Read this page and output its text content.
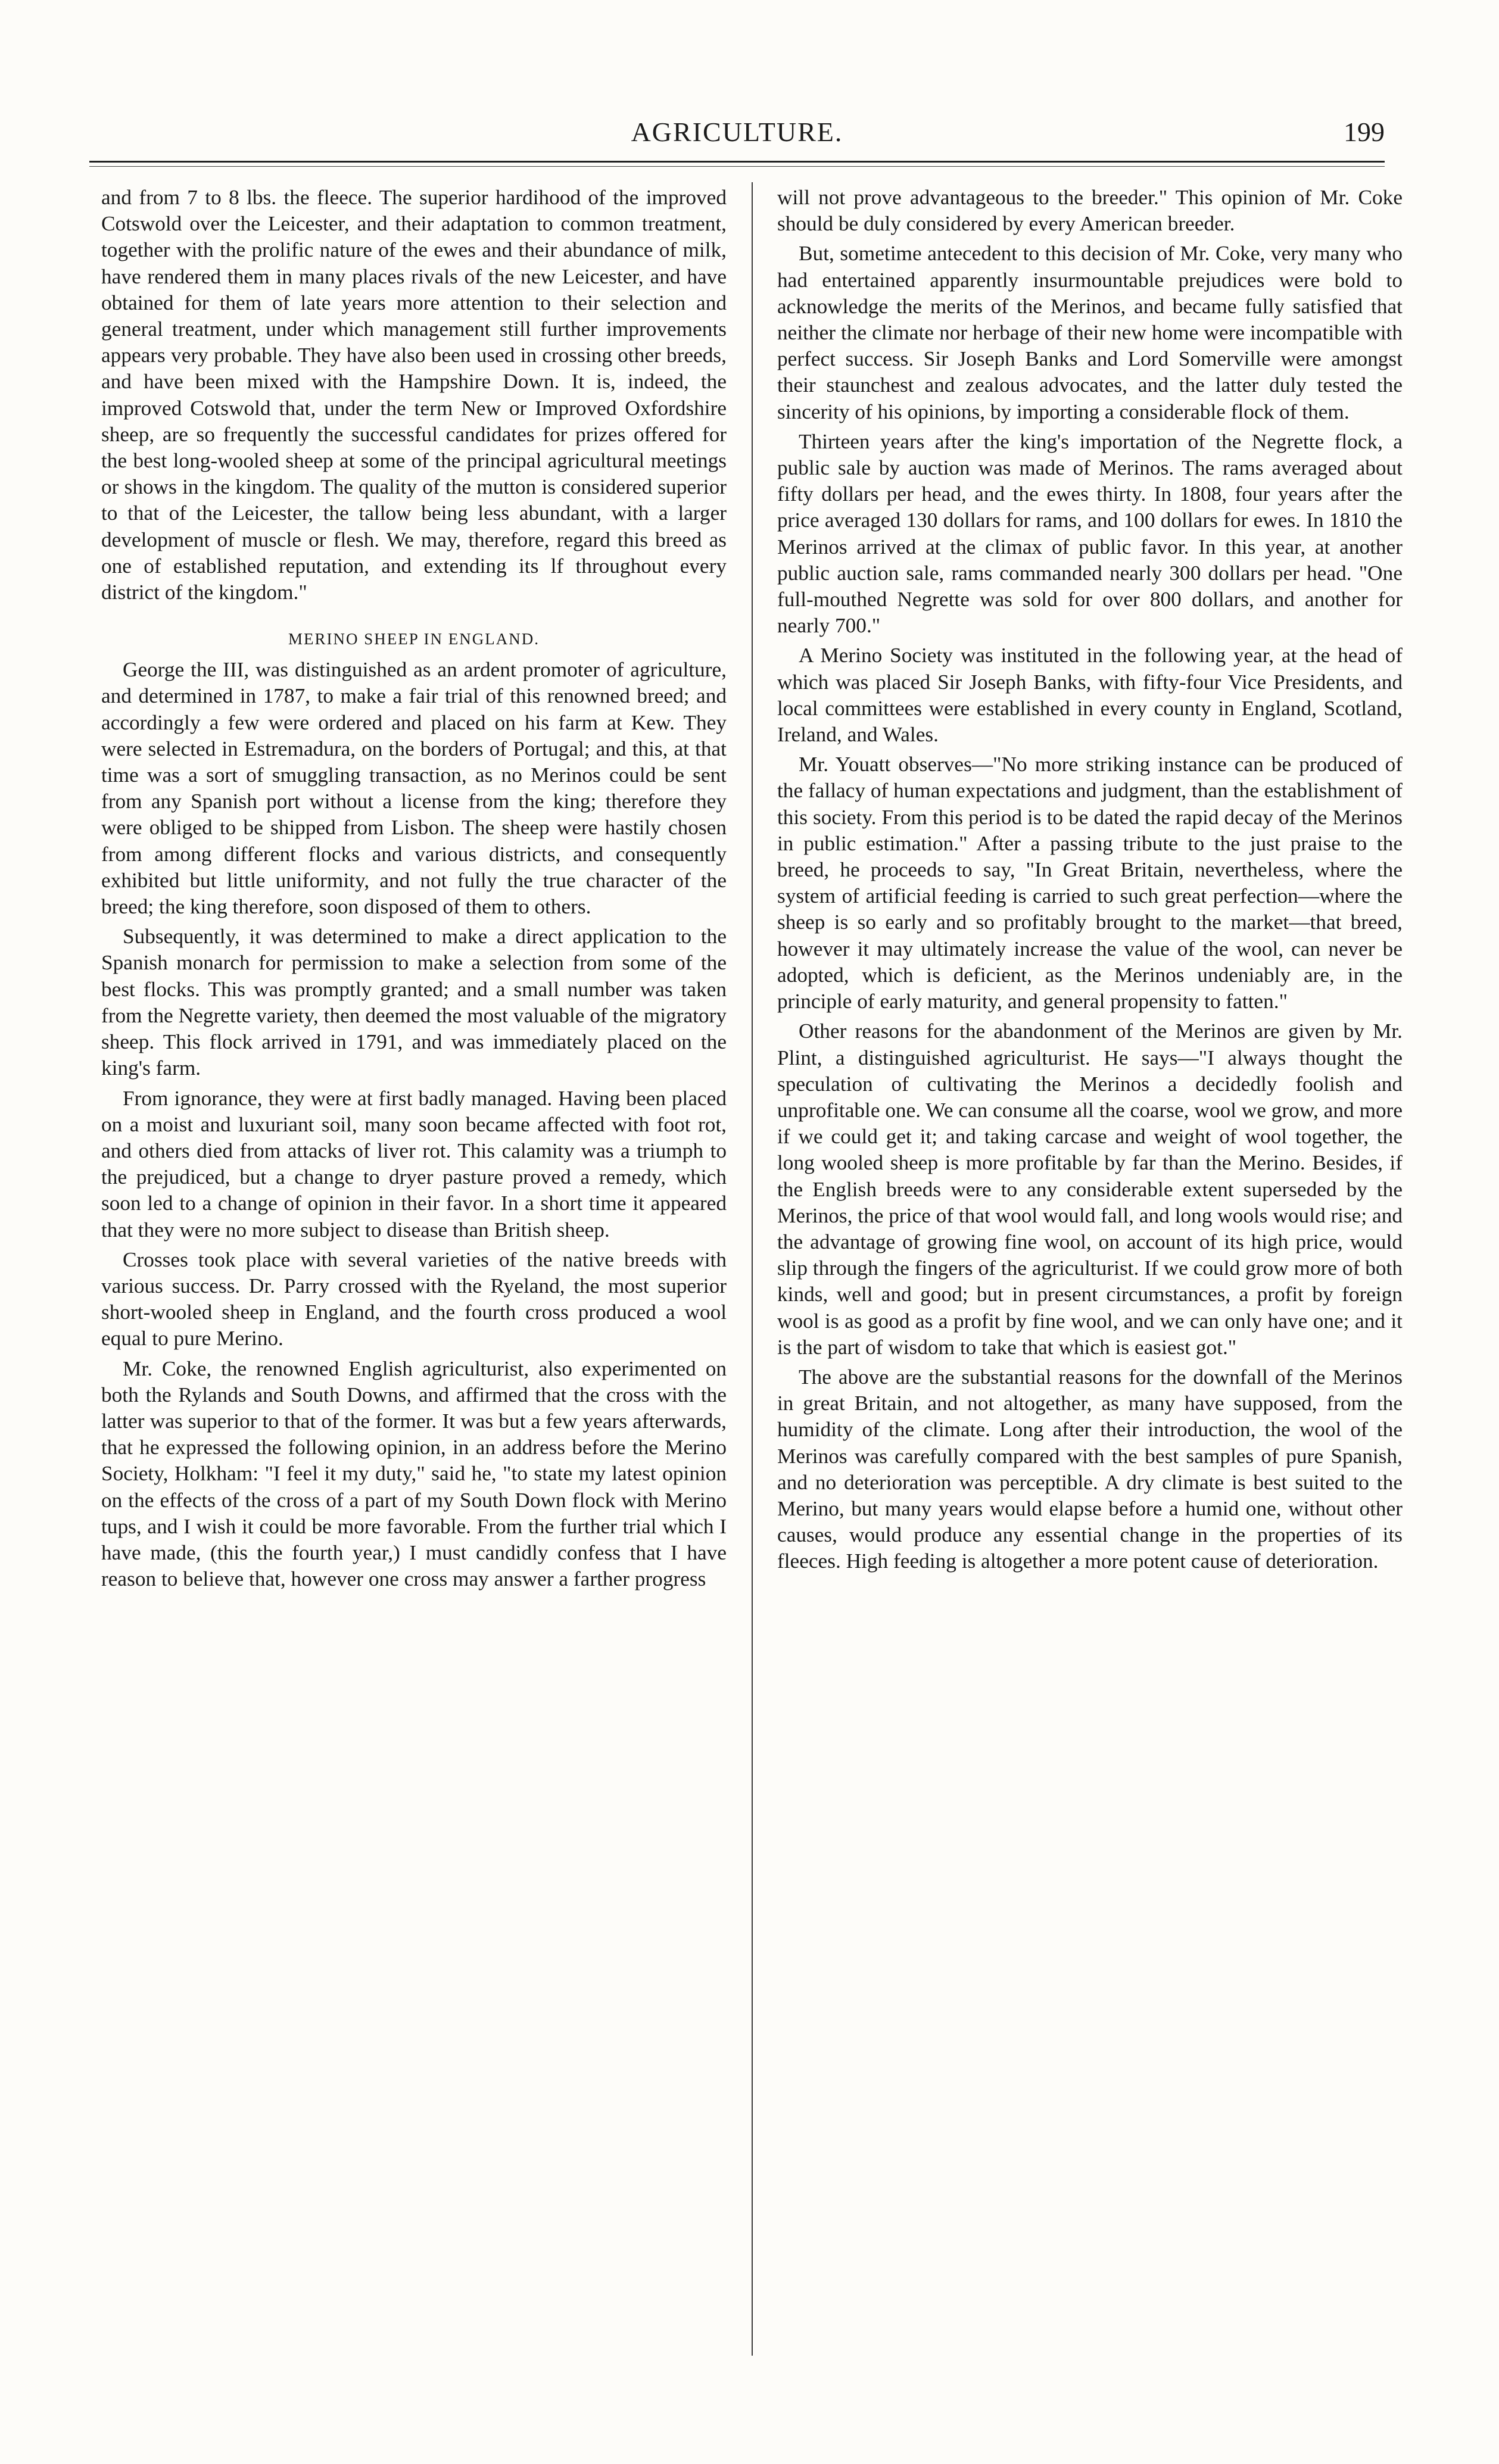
AGRICULTURE.	199

and from 7 to 8 lbs. the fleece. The superior hardihood of the improved Cotswold over the Leicester, and their adaptation to common treatment, together with the prolific nature of the ewes and their abundance of milk, have rendered them in many places rivals of the new Leicester, and have obtained for them of late years more attention to their selection and general treatment, under which management still further improvements appears very probable. They have also been used in crossing other breeds, and have been mixed with the Hampshire Down. It is, indeed, the improved Cotswold that, under the term New or Improved Oxfordshire sheep, are so frequently the successful candidates for prizes offered for the best long-wooled sheep at some of the principal agricultural meetings or shows in the kingdom. The quality of the mutton is considered superior to that of the Leicester, the tallow being less abundant, with a larger development of muscle or flesh. We may, therefore, regard this breed as one of established reputation, and extending its lf throughout every district of the kingdom."

MERINO SHEEP IN ENGLAND.

George the III, was distinguished as an ardent promoter of agriculture, and determined in 1787, to make a fair trial of this renowned breed; and accordingly a few were ordered and placed on his farm at Kew. They were selected in Estremadura, on the borders of Portugal; and this, at that time was a sort of smuggling transaction, as no Merinos could be sent from any Spanish port without a license from the king; therefore they were obliged to be shipped from Lisbon. The sheep were hastily chosen from among different flocks and various districts, and consequently exhibited but little uniformity, and not fully the true character of the breed; the king therefore, soon disposed of them to others.

Subsequently, it was determined to make a direct application to the Spanish monarch for permission to make a selection from some of the best flocks. This was promptly granted; and a small number was taken from the Negrette variety, then deemed the most valuable of the migratory sheep. This flock arrived in 1791, and was immediately placed on the king's farm.

From ignorance, they were at first badly managed. Having been placed on a moist and luxuriant soil, many soon became affected with foot rot, and others died from attacks of liver rot. This calamity was a triumph to the prejudiced, but a change to dryer pasture proved a remedy, which soon led to a change of opinion in their favor. In a short time it appeared that they were no more subject to disease than British sheep.

Crosses took place with several varieties of the native breeds with various success. Dr. Parry crossed with the Ryeland, the most superior short-wooled sheep in England, and the fourth cross produced a wool equal to pure Merino.

Mr. Coke, the renowned English agriculturist, also experimented on both the Rylands and South Downs, and affirmed that the cross with the latter was superior to that of the former. It was but a few years afterwards, that he expressed the following opinion, in an address before the Merino Society, Holkham: "I feel it my duty," said he, "to state my latest opinion on the effects of the cross of a part of my South Down flock with Merino tups, and I wish it could be more favorable. From the further trial which I have made, (this the fourth year,) I must candidly confess that I have reason to believe that, however one cross may answer a farther progress

will not prove advantageous to the breeder." This opinion of Mr. Coke should be duly considered by every American breeder.

But, sometime antecedent to this decision of Mr. Coke, very many who had entertained apparently insurmountable prejudices were bold to acknowledge the merits of the Merinos, and became fully satisfied that neither the climate nor herbage of their new home were incompatible with perfect success. Sir Joseph Banks and Lord Somerville were amongst their staunchest and zealous advocates, and the latter duly tested the sincerity of his opinions, by importing a considerable flock of them.

Thirteen years after the king's importation of the Negrette flock, a public sale by auction was made of Merinos. The rams averaged about fifty dollars per head, and the ewes thirty. In 1808, four years after the price averaged 130 dollars for rams, and 100 dollars for ewes. In 1810 the Merinos arrived at the climax of public favor. In this year, at another public auction sale, rams commanded nearly 300 dollars per head. "One full-mouthed Negrette was sold for over 800 dollars, and another for nearly 700."

A Merino Society was instituted in the following year, at the head of which was placed Sir Joseph Banks, with fifty-four Vice Presidents, and local committees were established in every county in England, Scotland, Ireland, and Wales.

Mr. Youatt observes—"No more striking instance can be produced of the fallacy of human expectations and judgment, than the establishment of this society. From this period is to be dated the rapid decay of the Merinos in public estimation." After a passing tribute to the just praise to the breed, he proceeds to say, "In Great Britain, nevertheless, where the system of artificial feeding is carried to such great perfection—where the sheep is so early and so profitably brought to the market—that breed, however it may ultimately increase the value of the wool, can never be adopted, which is deficient, as the Merinos undeniably are, in the principle of early maturity, and general propensity to fatten."

Other reasons for the abandonment of the Merinos are given by Mr. Plint, a distinguished agriculturist. He says—"I always thought the speculation of cultivating the Merinos a decidedly foolish and unprofitable one. We can consume all the coarse, wool we grow, and more if we could get it; and taking carcase and weight of wool together, the long wooled sheep is more profitable by far than the Merino. Besides, if the English breeds were to any considerable extent superseded by the Merinos, the price of that wool would fall, and long wools would rise; and the advantage of growing fine wool, on account of its high price, would slip through the fingers of the agriculturist. If we could grow more of both kinds, well and good; but in present circumstances, a profit by foreign wool is as good as a profit by fine wool, and we can only have one; and it is the part of wisdom to take that which is easiest got."

The above are the substantial reasons for the downfall of the Merinos in great Britain, and not altogether, as many have supposed, from the humidity of the climate. Long after their introduction, the wool of the Merinos was carefully compared with the best samples of pure Spanish, and no deterioration was perceptible. A dry climate is best suited to the Merino, but many years would elapse before a humid one, without other causes, would produce any essential change in the properties of its fleeces. High feeding is altogether a more potent cause of deterioration.
